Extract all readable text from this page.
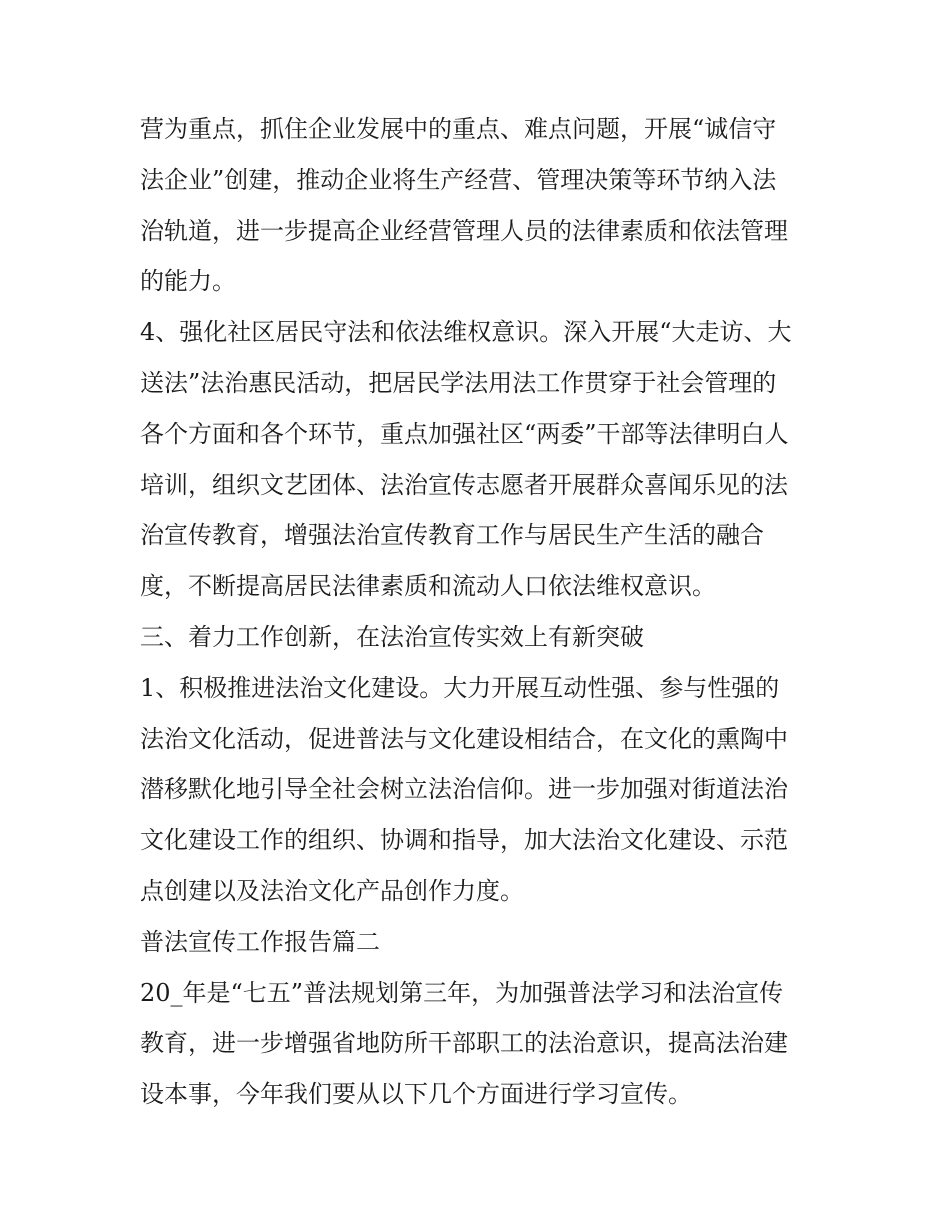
营为重点，抓住企业发展中的重点、难点问题，开展“诚信守
法企业”创建，推动企业将生产经营、管理决策等环节纳入法
治轨道，进一步提高企业经营管理人员的法律素质和依法管理
的能力。
4、强化社区居民守法和依法维权意识。深入开展“大走访、大
送法”法治惠民活动，把居民学法用法工作贯穿于社会管理的
各个方面和各个环节，重点加强社区“两委”干部等法律明白人
培训，组织文艺团体、法治宣传志愿者开展群众喜闻乐见的法
治宣传教育，增强法治宣传教育工作与居民生产生活的融合
度，不断提高居民法律素质和流动人口依法维权意识。
三、着力工作创新，在法治宣传实效上有新突破
1、积极推进法治文化建设。大力开展互动性强、参与性强的
法治文化活动，促进普法与文化建设相结合，在文化的熏陶中
潜移默化地引导全社会树立法治信仰。进一步加强对街道法治
文化建设工作的组织、协调和指导，加大法治文化建设、示范
点创建以及法治文化产品创作力度。
普法宣传工作报告篇二
20_年是“七五”普法规划第三年，为加强普法学习和法治宣传
教育，进一步增强省地防所干部职工的法治意识，提高法治建
设本事，今年我们要从以下几个方面进行学习宣传。
